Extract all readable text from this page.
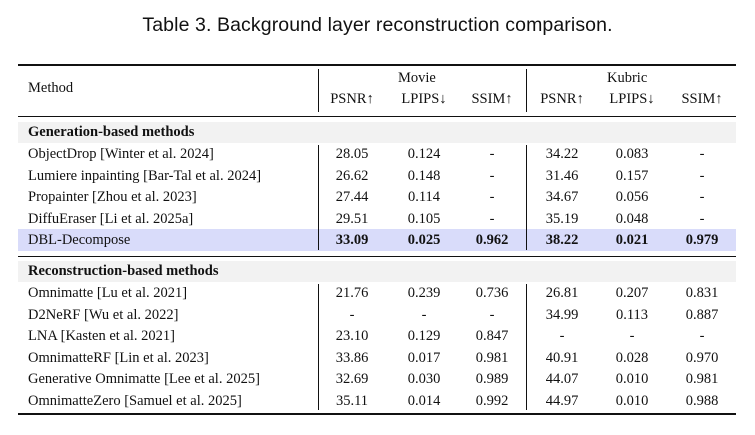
Table 3. Background layer reconstruction comparison.
Method
Movie	Kubric
PSNR↑	LPIPS↓	SSIM↑	PSNR↑	LPIPS↓	SSIM↑
Generation-based methods
ObjectDrop [Winter et al. 2024]	28.05	0.124	-	34.22	0.083	-
Lumiere inpainting [Bar-Tal et al. 2024]	26.62	0.148	-	31.46	0.157	-
Propainter [Zhou et al. 2023]	27.44	0.114	-	34.67	0.056	-
DiffuEraser [Li et al. 2025a]	29.51	0.105	-	35.19	0.048	-
DBL-Decompose	33.09	0.025	0.962	38.22	0.021	0.979
Reconstruction-based methods
Omnimatte [Lu et al. 2021]	21.76	0.239	0.736	26.81	0.207	0.831
D2NeRF [Wu et al. 2022]	-	-	-	34.99	0.113	0.887
LNA [Kasten et al. 2021]	23.10	0.129	0.847	-	-	-
OmnimatteRF [Lin et al. 2023]	33.86	0.017	0.981	40.91	0.028	0.970
Generative Omnimatte [Lee et al. 2025]	32.69	0.030	0.989	44.07	0.010	0.981
OmnimatteZero [Samuel et al. 2025]	35.11	0.014	0.992	44.97	0.010	0.988
